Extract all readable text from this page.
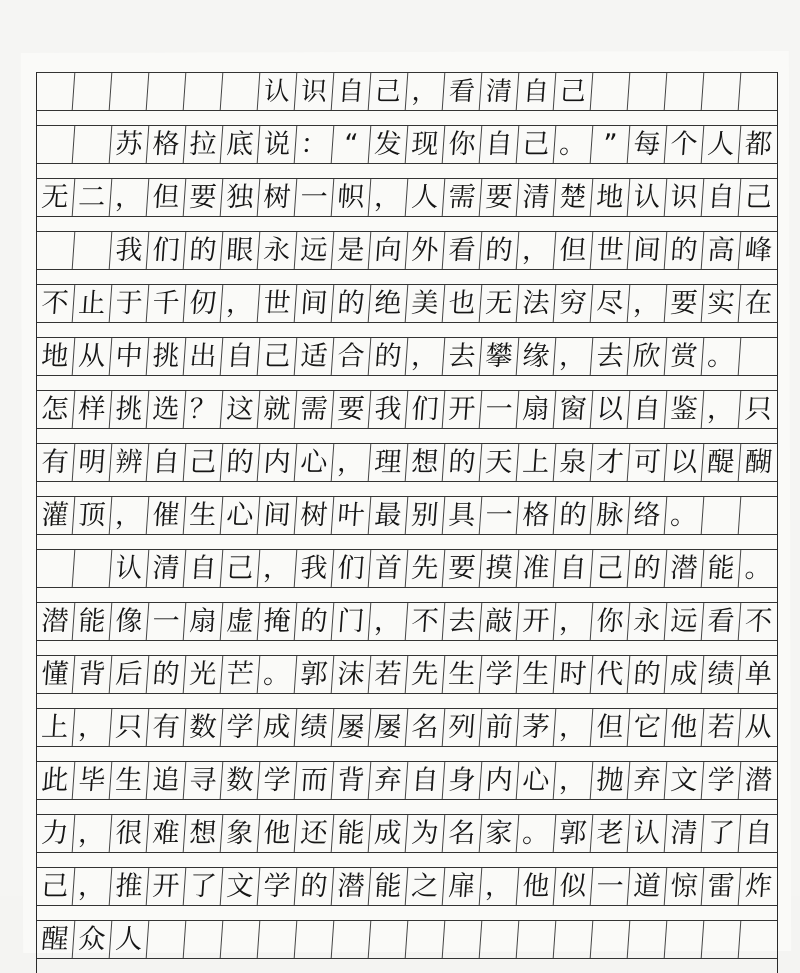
认 识 自 己 ， 看 清 自 己
苏 格 拉 底 说 ： “ 发 现 你 自 己 。 ” 每 个 人 都
无 二 ， 但 要 独 树 一 帜 ， 人 需 要 清 楚 地 认 识 自 己
我 们 的 眼 永 远 是 向 外 看 的 ， 但 世 间 的 高 峰
不 止 于 千 仞 ， 世 间 的 绝 美 也 无 法 穷 尽 ， 要 实 在
地 从 中 挑 出 自 己 适 合 的 ， 去 攀 缘 ， 去 欣 赏 。
怎 样 挑 选 ？ 这 就 需 要 我 们 开 一 扇 窗 以 自 鉴 ， 只
有 明 辨 自 己 的 内 心 ， 理 想 的 天 上 泉 才 可 以 醍 醐
灌 顶 ， 催 生 心 间 树 叶 最 别 具 一 格 的 脉 络 。
认 清 自 己 ， 我 们 首 先 要 摸 准 自 己 的 潜 能 。
潜 能 像 一 扇 虚 掩 的 门 ， 不 去 敲 开 ， 你 永 远 看 不
懂 背 后 的 光 芒 。 郭 沫 若 先 生 学 生 时 代 的 成 绩 单
上 ， 只 有 数 学 成 绩 屡 屡 名 列 前 茅 ， 但 它 他 若 从
此 毕 生 追 寻 数 学 而 背 弃 自 身 内 心 ， 抛 弃 文 学 潜
力 ， 很 难 想 象 他 还 能 成 为 名 家 。 郭 老 认 清 了 自
己 ， 推 开 了 文 学 的 潜 能 之 扉 ， 他 似 一 道 惊 雷 炸
醒 众 人
